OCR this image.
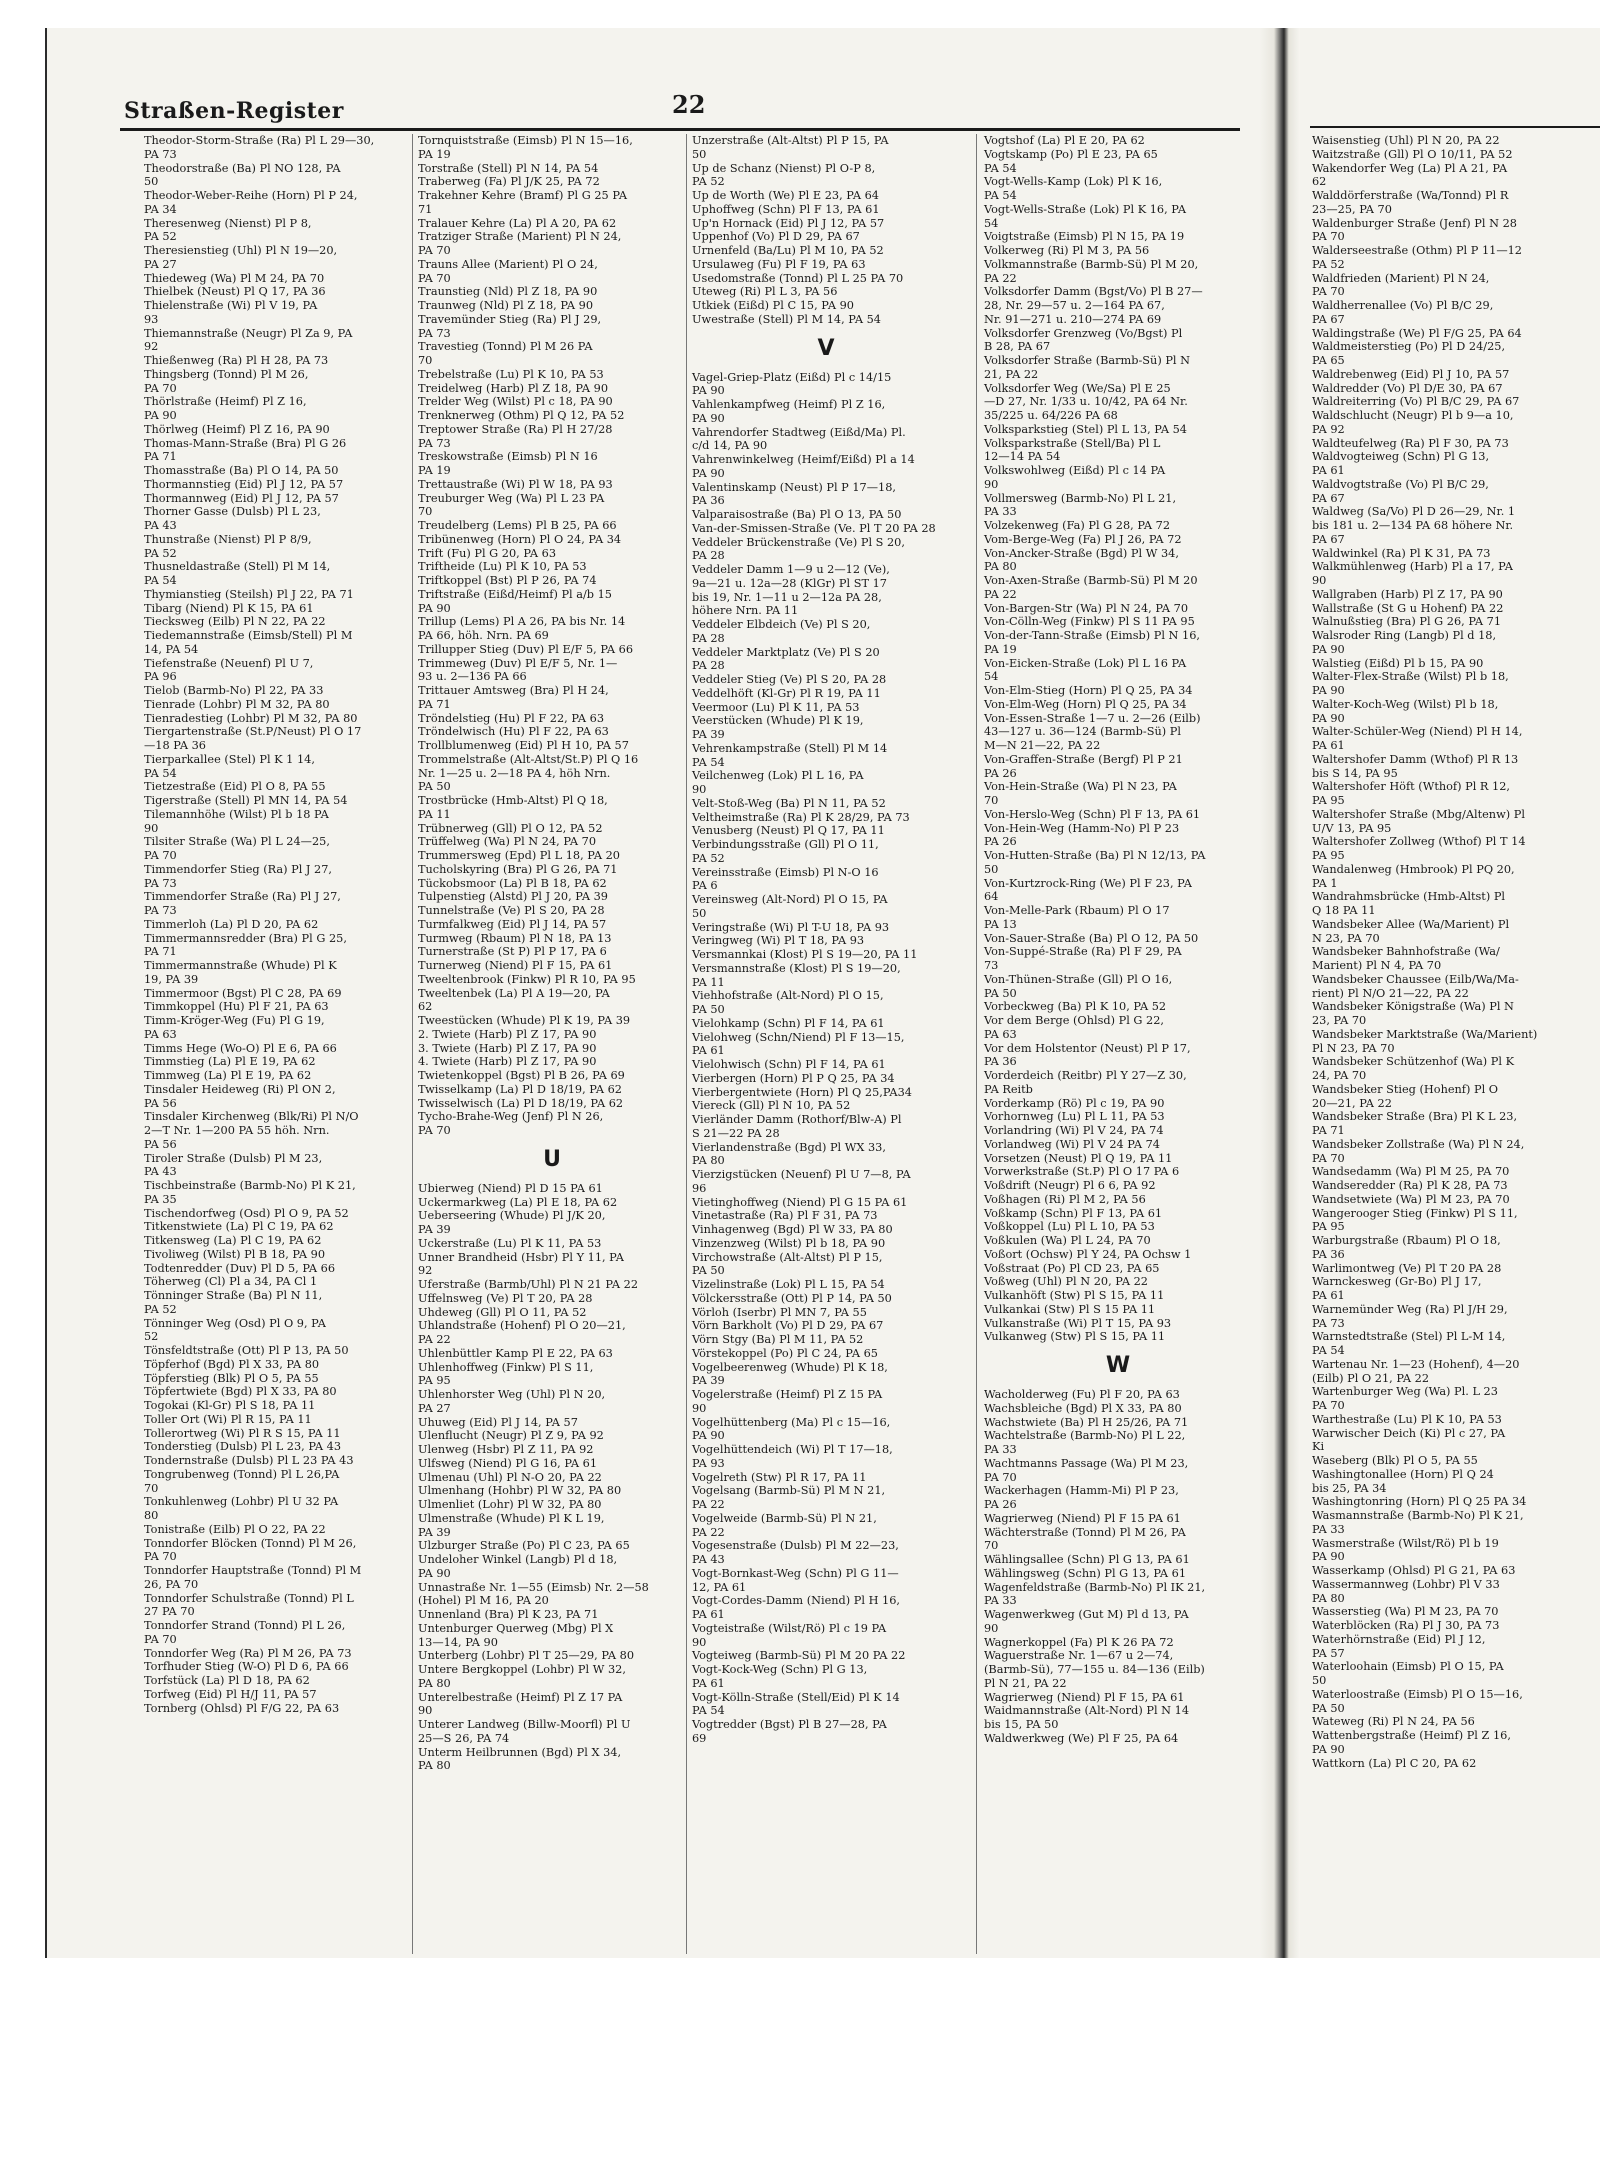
Straßen-Register	22
Theodor-Storm-Straße (Ra) Pl L 29—30,
PA 73
Theodorstraße (Ba) Pl NO 128, PA
50
Theodor-Weber-Reihe (Horn) Pl P 24,
PA 34
Theresenweg (Nienst) Pl P 8,
PA 52
Theresienstieg (Uhl) Pl N 19—20,
PA 27
Thiedeweg (Wa) Pl M 24, PA 70
Thielbek (Neust) Pl Q 17, PA 36
Thielenstraße (Wi) Pl V 19, PA
93
Thiemannstraße (Neugr) Pl Za 9, PA
92
Thießenweg (Ra) Pl H 28, PA 73
Thingsberg (Tonnd) Pl M 26,
PA 70
Thörlstraße (Heimf) Pl Z 16,
PA 90
Thörlweg (Heimf) Pl Z 16, PA 90
Thomas-Mann-Straße (Bra) Pl G 26
PA 71
Thomasstraße (Ba) Pl O 14, PA 50
Thormannstieg (Eid) Pl J 12, PA 57
Thormannweg (Eid) Pl J 12, PA 57
Thorner Gasse (Dulsb) Pl L 23,
PA 43
Thunstraße (Nienst) Pl P 8/9,
PA 52
Thusneldastraße (Stell) Pl M 14,
PA 54
Thymianstieg (Steilsh) Pl J 22, PA 71
Tibarg (Niend) Pl K 15, PA 61
Tiecksweg (Eilb) Pl N 22, PA 22
Tiedemannstraße (Eimsb/Stell) Pl M
14, PA 54
Tiefenstraße (Neuenf) Pl U 7,
PA 96
Tielob (Barmb-No) Pl 22, PA 33
Tienrade (Lohbr) Pl M 32, PA 80
Tienradestieg (Lohbr) Pl M 32, PA 80
Tiergartenstraße (St.P/Neust) Pl O 17
—18 PA 36
Tierparkallee (Stel) Pl K 1 14,
PA 54
Tietzestraße (Eid) Pl O 8, PA 55
Tigerstraße (Stell) Pl MN 14, PA 54
Tilemannhöhe (Wilst) Pl b 18 PA
90
Tilsiter Straße (Wa) Pl L 24—25,
PA 70
Timmendorfer Stieg (Ra) Pl J 27,
PA 73
Timmendorfer Straße (Ra) Pl J 27,
PA 73
Timmerloh (La) Pl D 20, PA 62
Timmermannsredder (Bra) Pl G 25,
PA 71
Timmermannstraße (Whude) Pl K
19, PA 39
Timmermoor (Bgst) Pl C 28, PA 69
Timmkoppel (Hu) Pl F 21, PA 63
Timm-Kröger-Weg (Fu) Pl G 19,
PA 63
Timms Hege (Wo-O) Pl E 6, PA 66
Timmstieg (La) Pl E 19, PA 62
Timmweg (La) Pl E 19, PA 62
Tinsdaler Heideweg (Ri) Pl ON 2,
PA 56
Tinsdaler Kirchenweg (Blk/Ri) Pl N/O
2—T Nr. 1—200 PA 55 höh. Nrn.
PA 56
Tiroler Straße (Dulsb) Pl M 23,
PA 43
Tischbeinstraße (Barmb-No) Pl K 21,
PA 35
Tischendorfweg (Osd) Pl O 9, PA 52
Titkenstwiete (La) Pl C 19, PA 62
Titkensweg (La) Pl C 19, PA 62
Tivoliweg (Wilst) Pl B 18, PA 90
Todtenredder (Duv) Pl D 5, PA 66
Töherweg (Cl) Pl a 34, PA Cl 1
Tönninger Straße (Ba) Pl N 11,
PA 52
Tönninger Weg (Osd) Pl O 9, PA
52
Tönsfeldtstraße (Ott) Pl P 13, PA 50
Töpferhof (Bgd) Pl X 33, PA 80
Töpferstieg (Blk) Pl O 5, PA 55
Töpfertwiete (Bgd) Pl X 33, PA 80
Togokai (Kl-Gr) Pl S 18, PA 11
Toller Ort (Wi) Pl R 15, PA 11
Tollerortweg (Wi) Pl R S 15, PA 11
Tonderstieg (Dulsb) Pl L 23, PA 43
Tondernstraße (Dulsb) Pl L 23 PA 43
Tongrubenweg (Tonnd) Pl L 26,PA
70
Tonkuhlenweg (Lohbr) Pl U 32 PA
80
Tonistraße (Eilb) Pl O 22, PA 22
Tonndorfer Blöcken (Tonnd) Pl M 26,
PA 70
Tonndorfer Hauptstraße (Tonnd) Pl M
26, PA 70
Tonndorfer Schulstraße (Tonnd) Pl L
27 PA 70
Tonndorfer Strand (Tonnd) Pl L 26,
PA 70
Tonndorfer Weg (Ra) Pl M 26, PA 73
Torfhuder Stieg (W-O) Pl D 6, PA 66
Torfstück (La) Pl D 18, PA 62
Torfweg (Eid) Pl H/J 11, PA 57
Tornberg (Ohlsd) Pl F/G 22, PA 63
Tornquiststraße (Eimsb) Pl N 15—16,
PA 19
Torstraße (Stell) Pl N 14, PA 54
Traberweg (Fa) Pl J/K 25, PA 72
Trakehner Kehre (Bramf) Pl G 25 PA
71
Tralauer Kehre (La) Pl A 20, PA 62
Tratziger Straße (Marient) Pl N 24,
PA 70
Trauns Allee (Marient) Pl O 24,
PA 70
Traunstieg (Nld) Pl Z 18, PA 90
Traunweg (Nld) Pl Z 18, PA 90
Travemünder Stieg (Ra) Pl J 29,
PA 73
Travestieg (Tonnd) Pl M 26 PA
70
Trebelstraße (Lu) Pl K 10, PA 53
Treidelweg (Harb) Pl Z 18, PA 90
Trelder Weg (Wilst) Pl c 18, PA 90
Trenknerweg (Othm) Pl Q 12, PA 52
Treptower Straße (Ra) Pl H 27/28
PA 73
Treskowstraße (Eimsb) Pl N 16
PA 19
Trettaustraße (Wi) Pl W 18, PA 93
Treuburger Weg (Wa) Pl L 23 PA
70
Treudelberg (Lems) Pl B 25, PA 66
Tribünenweg (Horn) Pl O 24, PA 34
Trift (Fu) Pl G 20, PA 63
Triftheide (Lu) Pl K 10, PA 53
Triftkoppel (Bst) Pl P 26, PA 74
Triftstraße (Eißd/Heimf) Pl a/b 15
PA 90
Trillup (Lems) Pl A 26, PA bis Nr. 14
PA 66, höh. Nrn. PA 69
Trillupper Stieg (Duv) Pl E/F 5, PA 66
Trimmeweg (Duv) Pl E/F 5, Nr. 1—
93 u. 2—136 PA 66
Trittauer Amtsweg (Bra) Pl H 24,
PA 71
Tröndelstieg (Hu) Pl F 22, PA 63
Tröndelwisch (Hu) Pl F 22, PA 63
Trollblumenweg (Eid) Pl H 10, PA 57
Trommelstraße (Alt-Altst/St.P) Pl Q 16
Nr. 1—25 u. 2—18 PA 4, höh Nrn.
PA 50
Trostbrücke (Hmb-Altst) Pl Q 18,
PA 11
Trübnerweg (Gll) Pl O 12, PA 52
Trüffelweg (Wa) Pl N 24, PA 70
Trummersweg (Epd) Pl L 18, PA 20
Tucholskyring (Bra) Pl G 26, PA 71
Tückobsmoor (La) Pl B 18, PA 62
Tulpenstieg (Alstd) Pl J 20, PA 39
Tunnelstraße (Ve) Pl S 20, PA 28
Turmfalkweg (Eid) Pl J 14, PA 57
Turmweg (Rbaum) Pl N 18, PA 13
Turnerstraße (St P) Pl P 17, PA 6
Turnerweg (Niend) Pl F 15, PA 61
Tweeltenbrook (Finkw) Pl R 10, PA 95
Tweeltenbek (La) Pl A 19—20, PA
62
Tweestücken (Whude) Pl K 19, PA 39
2. Twiete (Harb) Pl Z 17, PA 90
3. Twiete (Harb) Pl Z 17, PA 90
4. Twiete (Harb) Pl Z 17, PA 90
Twietenkoppel (Bgst) Pl B 26, PA 69
Twisselkamp (La) Pl D 18/19, PA 62
Twisselwisch (La) Pl D 18/19, PA 62
Tycho-Brahe-Weg (Jenf) Pl N 26,
PA 70
U
Ubierweg (Niend) Pl D 15 PA 61
Uckermarkweg (La) Pl E 18, PA 62
Ueberseering (Whude) Pl J/K 20,
PA 39
Uckerstraße (Lu) Pl K 11, PA 53
Unner Brandheid (Hsbr) Pl Y 11, PA
92
Uferstraße (Barmb/Uhl) Pl N 21 PA 22
Uffelnsweg (Ve) Pl T 20, PA 28
Uhdeweg (Gll) Pl O 11, PA 52
Uhlandstraße (Hohenf) Pl O 20—21,
PA 22
Uhlenbüttler Kamp Pl E 22, PA 63
Uhlenhoffweg (Finkw) Pl S 11,
PA 95
Uhlenhorster Weg (Uhl) Pl N 20,
PA 27
Uhuweg (Eid) Pl J 14, PA 57
Ulenflucht (Neugr) Pl Z 9, PA 92
Ulenweg (Hsbr) Pl Z 11, PA 92
Ulfsweg (Niend) Pl G 16, PA 61
Ulmenau (Uhl) Pl N-O 20, PA 22
Ulmenhang (Hohbr) Pl W 32, PA 80
Ulmenliet (Lohr) Pl W 32, PA 80
Ulmenstraße (Whude) Pl K L 19,
PA 39
Ulzburger Straße (Po) Pl C 23, PA 65
Undeloher Winkel (Langb) Pl d 18,
PA 90
Unnastraße Nr. 1—55 (Eimsb) Nr. 2—58
(Hohel) Pl M 16, PA 20
Unnenland (Bra) Pl K 23, PA 71
Untenburger Querweg (Mbg) Pl X
13—14, PA 90
Unterberg (Lohbr) Pl T 25—29, PA 80
Untere Bergkoppel (Lohbr) Pl W 32,
PA 80
Unterelbestraße (Heimf) Pl Z 17 PA
90
Unterer Landweg (Billw-Moorfl) Pl U
25—S 26, PA 74
Unterm Heilbrunnen (Bgd) Pl X 34,
PA 80
Unzerstraße (Alt-Altst) Pl P 15, PA
50
Up de Schanz (Nienst) Pl O-P 8,
PA 52
Up de Worth (We) Pl E 23, PA 64
Uphoffweg (Schn) Pl F 13, PA 61
Up'n Hornack (Eid) Pl J 12, PA 57
Uppenhof (Vo) Pl D 29, PA 67
Urnenfeld (Ba/Lu) Pl M 10, PA 52
Ursulaweg (Fu) Pl F 19, PA 63
Usedomstraße (Tonnd) Pl L 25 PA 70
Uteweg (Ri) Pl L 3, PA 56
Utkiek (Eißd) Pl C 15, PA 90
Uwestraße (Stell) Pl M 14, PA 54
V
Vagel-Griep-Platz (Eißd) Pl c 14/15
PA 90
Vahlenkampfweg (Heimf) Pl Z 16,
PA 90
Vahrendorfer Stadtweg (Eißd/Ma) Pl.
c/d 14, PA 90
Vahrenwinkelweg (Heimf/Eißd) Pl a 14
PA 90
Valentinskamp (Neust) Pl P 17—18,
PA 36
Valparaisostraße (Ba) Pl O 13, PA 50
Van-der-Smissen-Straße (Ve. Pl T 20 PA 28
Veddeler Brückenstraße (Ve) Pl S 20,
PA 28
Veddeler Damm 1—9 u 2—12 (Ve),
9a—21 u. 12a—28 (KlGr) Pl ST 17
bis 19, Nr. 1—11 u 2—12a PA 28,
höhere Nrn. PA 11
Veddeler Elbdeich (Ve) Pl S 20,
PA 28
Veddeler Marktplatz (Ve) Pl S 20
PA 28
Veddeler Stieg (Ve) Pl S 20, PA 28
Veddelhöft (Kl-Gr) Pl R 19, PA 11
Veermoor (Lu) Pl K 11, PA 53
Veerstücken (Whude) Pl K 19,
PA 39
Vehrenkampstraße (Stell) Pl M 14
PA 54
Veilchenweg (Lok) Pl L 16, PA
90
Velt-Stoß-Weg (Ba) Pl N 11, PA 52
Veltheimstraße (Ra) Pl K 28/29, PA 73
Venusberg (Neust) Pl Q 17, PA 11
Verbindungsstraße (Gll) Pl O 11,
PA 52
Vereinsstraße (Eimsb) Pl N-O 16
PA 6
Vereinsweg (Alt-Nord) Pl O 15, PA
50
Veringstraße (Wi) Pl T-U 18, PA 93
Veringweg (Wi) Pl T 18, PA 93
Versmannkai (Klost) Pl S 19—20, PA 11
Versmannstraße (Klost) Pl S 19—20,
PA 11
Viehhofstraße (Alt-Nord) Pl O 15,
PA 50
Vielohkamp (Schn) Pl F 14, PA 61
Vielohweg (Schn/Niend) Pl F 13—15,
PA 61
Vielohwisch (Schn) Pl F 14, PA 61
Vierbergen (Horn) Pl P Q 25, PA 34
Vierbergentwiete (Horn) Pl Q 25,PA34
Viereck (Gll) Pl N 10, PA 52
Vierländer Damm (Rothorf/Blw-A) Pl
S 21—22 PA 28
Vierlandenstraße (Bgd) Pl WX 33,
PA 80
Vierzigstücken (Neuenf) Pl U 7—8, PA
96
Vietinghoffweg (Niend) Pl G 15 PA 61
Vinetastraße (Ra) Pl F 31, PA 73
Vinhagenweg (Bgd) Pl W 33, PA 80
Vinzenzweg (Wilst) Pl b 18, PA 90
Virchowstraße (Alt-Altst) Pl P 15,
PA 50
Vizelinstraße (Lok) Pl L 15, PA 54
Völckersstraße (Ott) Pl P 14, PA 50
Vörloh (Iserbr) Pl MN 7, PA 55
Vörn Barkholt (Vo) Pl D 29, PA 67
Vörn Stgy (Ba) Pl M 11, PA 52
Vörstekoppel (Po) Pl C 24, PA 65
Vogelbeerenweg (Whude) Pl K 18,
PA 39
Vogelerstraße (Heimf) Pl Z 15 PA
90
Vogelhüttenberg (Ma) Pl c 15—16,
PA 90
Vogelhüttendeich (Wi) Pl T 17—18,
PA 93
Vogelreth (Stw) Pl R 17, PA 11
Vogelsang (Barmb-Sü) Pl M N 21,
PA 22
Vogelweide (Barmb-Sü) Pl N 21,
PA 22
Vogesenstraße (Dulsb) Pl M 22—23,
PA 43
Vogt-Bornkast-Weg (Schn) Pl G 11—
12, PA 61
Vogt-Cordes-Damm (Niend) Pl H 16,
PA 61
Vogteistraße (Wilst/Rö) Pl c 19 PA
90
Vogteiweg (Barmb-Sü) Pl M 20 PA 22
Vogt-Kock-Weg (Schn) Pl G 13,
PA 61
Vogt-Kölln-Straße (Stell/Eid) Pl K 14
PA 54
Vogtredder (Bgst) Pl B 27—28, PA
69
Vogtshof (La) Pl E 20, PA 62
Vogtskamp (Po) Pl E 23, PA 65
PA 54
Vogt-Wells-Kamp (Lok) Pl K 16,
PA 54
Vogt-Wells-Straße (Lok) Pl K 16, PA
54
Voigtstraße (Eimsb) Pl N 15, PA 19
Volkerweg (Ri) Pl M 3, PA 56
Volkmannstraße (Barmb-Sü) Pl M 20,
PA 22
Volksdorfer Damm (Bgst/Vo) Pl B 27—
28, Nr. 29—57 u. 2—164 PA 67,
Nr. 91—271 u. 210—274 PA 69
Volksdorfer Grenzweg (Vo/Bgst) Pl
B 28, PA 67
Volksdorfer Straße (Barmb-Sü) Pl N
21, PA 22
Volksdorfer Weg (We/Sa) Pl E 25
—D 27, Nr. 1/33 u. 10/42, PA 64 Nr.
35/225 u. 64/226 PA 68
Volksparkstieg (Stel) Pl L 13, PA 54
Volksparkstraße (Stell/Ba) Pl L
12—14 PA 54
Volkswohlweg (Eißd) Pl c 14 PA
90
Vollmersweg (Barmb-No) Pl L 21,
PA 33
Volzekenweg (Fa) Pl G 28, PA 72
Vom-Berge-Weg (Fa) Pl J 26, PA 72
Von-Ancker-Straße (Bgd) Pl W 34,
PA 80
Von-Axen-Straße (Barmb-Sü) Pl M 20
PA 22
Von-Bargen-Str (Wa) Pl N 24, PA 70
Von-Cölln-Weg (Finkw) Pl S 11 PA 95
Von-der-Tann-Straße (Eimsb) Pl N 16,
PA 19
Von-Eicken-Straße (Lok) Pl L 16 PA
54
Von-Elm-Stieg (Horn) Pl Q 25, PA 34
Von-Elm-Weg (Horn) Pl Q 25, PA 34
Von-Essen-Straße 1—7 u. 2—26 (Eilb)
43—127 u. 36—124 (Barmb-Sü) Pl
M—N 21—22, PA 22
Von-Graffen-Straße (Bergf) Pl P 21
PA 26
Von-Hein-Straße (Wa) Pl N 23, PA
70
Von-Herslo-Weg (Schn) Pl F 13, PA 61
Von-Hein-Weg (Hamm-No) Pl P 23
PA 26
Von-Hutten-Straße (Ba) Pl N 12/13, PA
50
Von-Kurtzrock-Ring (We) Pl F 23, PA
64
Von-Melle-Park (Rbaum) Pl O 17
PA 13
Von-Sauer-Straße (Ba) Pl O 12, PA 50
Von-Suppé-Straße (Ra) Pl F 29, PA
73
Von-Thünen-Straße (Gll) Pl O 16,
PA 50
Vorbeckweg (Ba) Pl K 10, PA 52
Vor dem Berge (Ohlsd) Pl G 22,
PA 63
Vor dem Holstentor (Neust) Pl P 17,
PA 36
Vorderdeich (Reitbr) Pl Y 27—Z 30,
PA Reitb
Vorderkamp (Rö) Pl c 19, PA 90
Vorhornweg (Lu) Pl L 11, PA 53
Vorlandring (Wi) Pl V 24, PA 74
Vorlandweg (Wi) Pl V 24 PA 74
Vorsetzen (Neust) Pl Q 19, PA 11
Vorwerkstraße (St.P) Pl O 17 PA 6
Voßdrift (Neugr) Pl 6 6, PA 92
Voßhagen (Ri) Pl M 2, PA 56
Voßkamp (Schn) Pl F 13, PA 61
Voßkoppel (Lu) Pl L 10, PA 53
Voßkulen (Wa) Pl L 24, PA 70
Voßort (Ochsw) Pl Y 24, PA Ochsw 1
Voßstraat (Po) Pl CD 23, PA 65
Voßweg (Uhl) Pl N 20, PA 22
Vulkanhöft (Stw) Pl S 15, PA 11
Vulkankai (Stw) Pl S 15 PA 11
Vulkanstraße (Wi) Pl T 15, PA 93
Vulkanweg (Stw) Pl S 15, PA 11
W
Wacholderweg (Fu) Pl F 20, PA 63
Wachsbleiche (Bgd) Pl X 33, PA 80
Wachstwiete (Ba) Pl H 25/26, PA 71
Wachtelstraße (Barmb-No) Pl L 22,
PA 33
Wachtmanns Passage (Wa) Pl M 23,
PA 70
Wackerhagen (Hamm-Mi) Pl P 23,
PA 26
Wagrierweg (Niend) Pl F 15 PA 61
Wächterstraße (Tonnd) Pl M 26, PA
70
Wählingsallee (Schn) Pl G 13, PA 61
Wählingsweg (Schn) Pl G 13, PA 61
Wagenfeldstraße (Barmb-No) Pl IK 21,
PA 33
Wagenwerkweg (Gut M) Pl d 13, PA
90
Wagnerkoppel (Fa) Pl K 26 PA 72
Waguerstraße Nr. 1—67 u 2—74,
(Barmb-Sü), 77—155 u. 84—136 (Eilb)
Pl N 21, PA 22
Wagrierweg (Niend) Pl F 15, PA 61
Waidmannstraße (Alt-Nord) Pl N 14
bis 15, PA 50
Waldwerkweg (We) Pl F 25, PA 64
Waisenstieg (Uhl) Pl N 20, PA 22
Waitzstraße (Gll) Pl O 10/11, PA 52
Wakendorfer Weg (La) Pl A 21, PA
62
Walddörferstraße (Wa/Tonnd) Pl R
23—25, PA 70
Waldenburger Straße (Jenf) Pl N 28
PA 70
Walderseestraße (Othm) Pl P 11—12
PA 52
Waldfrieden (Marient) Pl N 24,
PA 70
Waldherrenallee (Vo) Pl B/C 29,
PA 67
Waldingstraße (We) Pl F/G 25, PA 64
Waldmeisterstieg (Po) Pl D 24/25,
PA 65
Waldrebenweg (Eid) Pl J 10, PA 57
Waldredder (Vo) Pl D/E 30, PA 67
Waldreiterring (Vo) Pl B/C 29, PA 67
Waldschlucht (Neugr) Pl b 9—a 10,
PA 92
Waldteufelweg (Ra) Pl F 30, PA 73
Waldvogteiweg (Schn) Pl G 13,
PA 61
Waldvogtstraße (Vo) Pl B/C 29,
PA 67
Waldweg (Sa/Vo) Pl D 26—29, Nr. 1
bis 181 u. 2—134 PA 68 höhere Nr.
PA 67
Waldwinkel (Ra) Pl K 31, PA 73
Walkmühlenweg (Harb) Pl a 17, PA
90
Wallgraben (Harb) Pl Z 17, PA 90
Wallstraße (St G u Hohenf) PA 22
Walnußstieg (Bra) Pl G 26, PA 71
Walsroder Ring (Langb) Pl d 18,
PA 90
Walstieg (Eißd) Pl b 15, PA 90
Walter-Flex-Straße (Wilst) Pl b 18,
PA 90
Walter-Koch-Weg (Wilst) Pl b 18,
PA 90
Walter-Schüler-Weg (Niend) Pl H 14,
PA 61
Waltershofer Damm (Wthof) Pl R 13
bis S 14, PA 95
Waltershofer Höft (Wthof) Pl R 12,
PA 95
Waltershofer Straße (Mbg/Altenw) Pl
U/V 13, PA 95
Waltershofer Zollweg (Wthof) Pl T 14
PA 95
Wandalenweg (Hmbrook) Pl PQ 20,
PA 1
Wandrahmsbrücke (Hmb-Altst) Pl
Q 18 PA 11
Wandsbeker Allee (Wa/Marient) Pl
N 23, PA 70
Wandsbeker Bahnhofstraße (Wa/
Marient) Pl N 4, PA 70
Wandsbeker Chaussee (Eilb/Wa/Ma-
rient) Pl N/O 21—22, PA 22
Wandsbeker Königstraße (Wa) Pl N
23, PA 70
Wandsbeker Marktstraße (Wa/Marient)
Pl N 23, PA 70
Wandsbeker Schützenhof (Wa) Pl K
24, PA 70
Wandsbeker Stieg (Hohenf) Pl O
20—21, PA 22
Wandsbeker Straße (Bra) Pl K L 23,
PA 71
Wandsbeker Zollstraße (Wa) Pl N 24,
PA 70
Wandsedamm (Wa) Pl M 25, PA 70
Wandseredder (Ra) Pl K 28, PA 73
Wandsetwiete (Wa) Pl M 23, PA 70
Wangerooger Stieg (Finkw) Pl S 11,
PA 95
Warburgstraße (Rbaum) Pl O 18,
PA 36
Warlimontweg (Ve) Pl T 20 PA 28
Warnckesweg (Gr-Bo) Pl J 17,
PA 61
Warnemünder Weg (Ra) Pl J/H 29,
PA 73
Warnstedtstraße (Stel) Pl L-M 14,
PA 54
Wartenau Nr. 1—23 (Hohenf), 4—20
(Eilb) Pl O 21, PA 22
Wartenburger Weg (Wa) Pl. L 23
PA 70
Warthestraße (Lu) Pl K 10, PA 53
Warwischer Deich (Ki) Pl c 27, PA
Ki
Waseberg (Blk) Pl O 5, PA 55
Washingtonallee (Horn) Pl Q 24
bis 25, PA 34
Washingtonring (Horn) Pl Q 25 PA 34
Wasmannstraße (Barmb-No) Pl K 21,
PA 33
Wasmerstraße (Wilst/Rö) Pl b 19
PA 90
Wasserkamp (Ohlsd) Pl G 21, PA 63
Wassermannweg (Lohbr) Pl V 33
PA 80
Wasserstieg (Wa) Pl M 23, PA 70
Waterblöcken (Ra) Pl J 30, PA 73
Waterhörnstraße (Eid) Pl J 12,
PA 57
Waterloohain (Eimsb) Pl O 15, PA
50
Waterloostraße (Eimsb) Pl O 15—16,
PA 50
Wateweg (Ri) Pl N 24, PA 56
Wattenbergstraße (Heimf) Pl Z 16,
PA 90
Wattkorn (La) Pl C 20, PA 62
